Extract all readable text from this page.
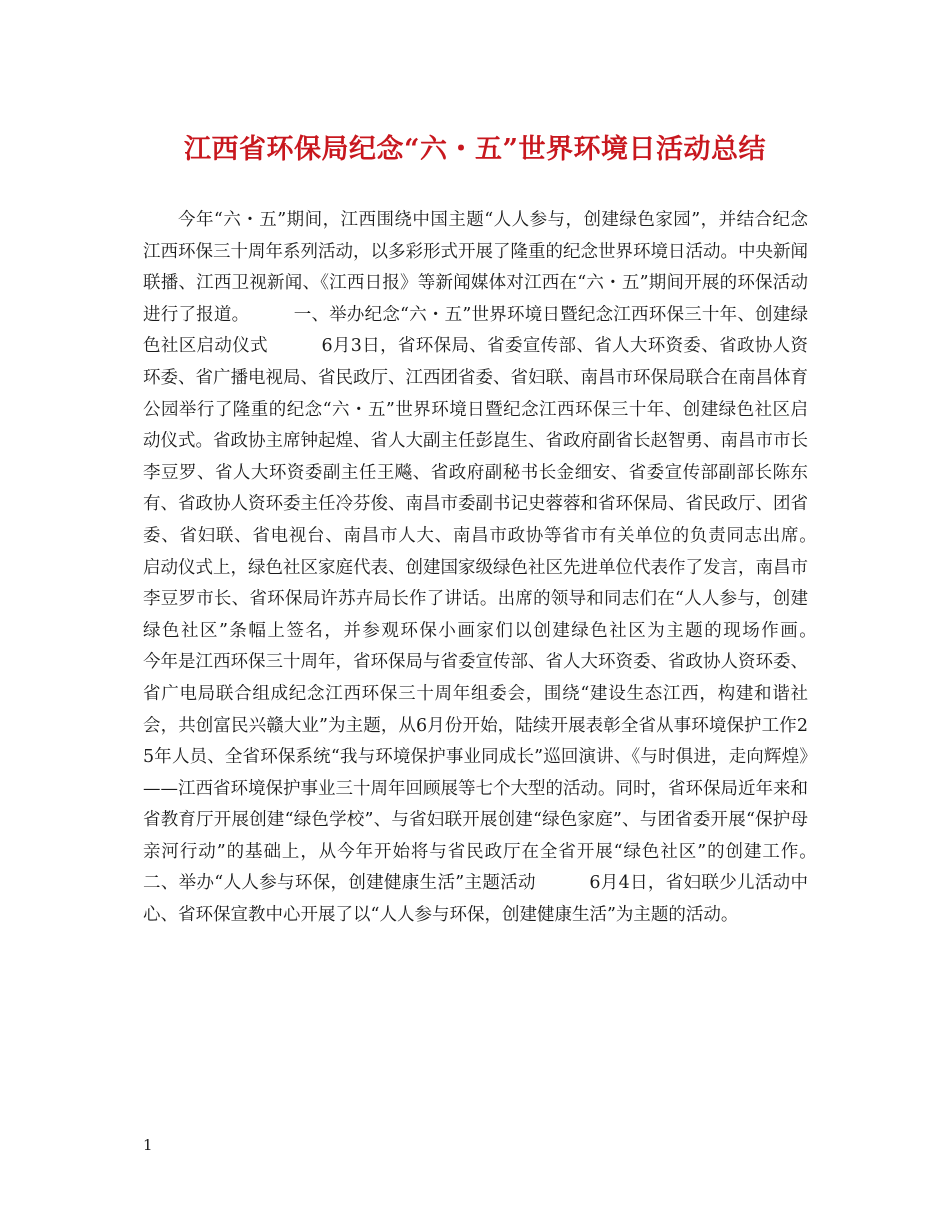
江西省环保局纪念“六・五”世界环境日活动总结

今年“六・五”期间，江西围绕中国主题“人人参与，创建绿色家园”，并结合纪念江西环保三十周年系列活动，以多彩形式开展了隆重的纪念世界环境日活动。中央新闻联播、江西卫视新闻、《江西日报》等新闻媒体对江西在“六・五”期间开展的环保活动进行了报道。　　　一、举办纪念“六・五”世界环境日暨纪念江西环保三十年、创建绿色社区启动仪式　　　6月3日，省环保局、省委宣传部、省人大环资委、省政协人资环委、省广播电视局、省民政厅、江西团省委、省妇联、南昌市环保局联合在南昌体育公园举行了隆重的纪念“六・五”世界环境日暨纪念江西环保三十年、创建绿色社区启动仪式。省政协主席钟起煌、省人大副主任彭崑生、省政府副省长赵智勇、南昌市市长李豆罗、省人大环资委副主任王飚、省政府副秘书长金细安、省委宣传部副部长陈东有、省政协人资环委主任冷芬俊、南昌市委副书记史蓉蓉和省环保局、省民政厅、团省委、省妇联、省电视台、南昌市人大、南昌市政协等省市有关单位的负责同志出席。　　　启动仪式上，绿色社区家庭代表、创建国家级绿色社区先进单位代表作了发言，南昌市李豆罗市长、省环保局许苏卉局长作了讲话。出席的领导和同志们在“人人参与，创建绿色社区”条幅上签名，并参观环保小画家们以创建绿色社区为主题的现场作画。　　　今年是江西环保三十周年，省环保局与省委宣传部、省人大环资委、省政协人资环委、省广电局联合组成纪念江西环保三十周年组委会，围绕“建设生态江西，构建和谐社会，共创富民兴赣大业”为主题，从6月份开始，陆续开展表彰全省从事环境保护工作25年人员、全省环保系统“我与环境保护事业同成长”巡回演讲、《与时俱进，走向辉煌》——江西省环境保护事业三十周年回顾展等七个大型的活动。同时，省环保局近年来和省教育厅开展创建“绿色学校”、与省妇联开展创建“绿色家庭”、与团省委开展“保护母亲河行动”的基础上，从今年开始将与省民政厅在全省开展“绿色社区”的创建工作。　　　二、举办“人人参与环保，创建健康生活”主题活动　　　6月4日，省妇联少儿活动中心、省环保宣教中心开展了以“人人参与环保，创建健康生活”为主题的活动。

1
